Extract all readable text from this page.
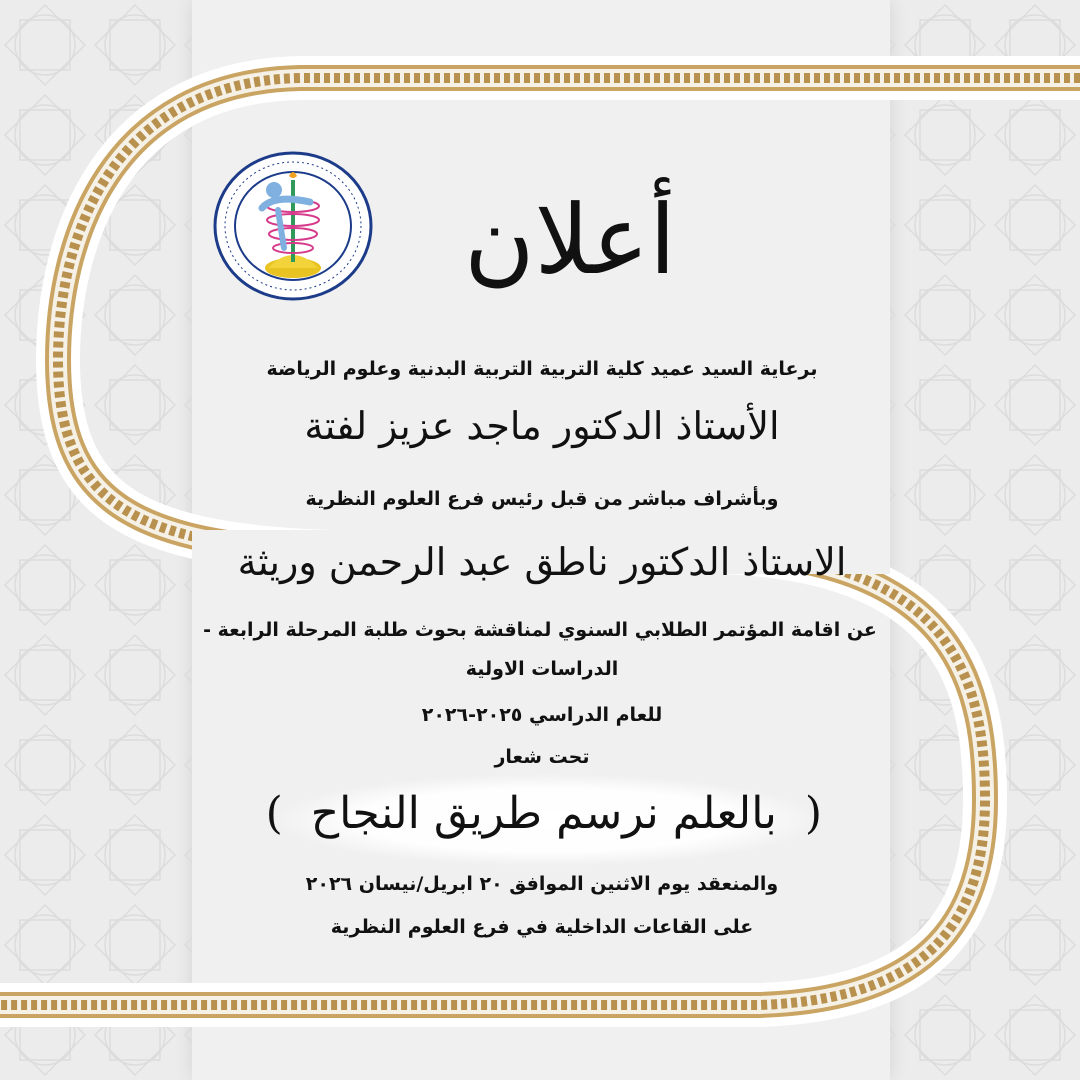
أعلان
برعاية السيد عميد كلية التربية التربية البدنية وعلوم الرياضة
الأستاذ الدكتور ماجد عزيز لفتة
وبأشراف مباشر من قبل رئيس فرع العلوم النظرية
الاستاذ الدكتور ناطق عبد الرحمن وريثة
عن اقامة المؤتمر الطلابي السنوي لمناقشة بحوث طلبة المرحلة الرابعة -
الدراسات الاولية
للعام الدراسي ٢٠٢٥-٢٠٢٦
تحت شعار
(  بالعلم نرسم طريق النجاح  )
والمنعقد يوم الاثنين الموافق ٢٠ ابريل/نيسان ٢٠٢٦
على القاعات الداخلية في فرع العلوم النظرية
